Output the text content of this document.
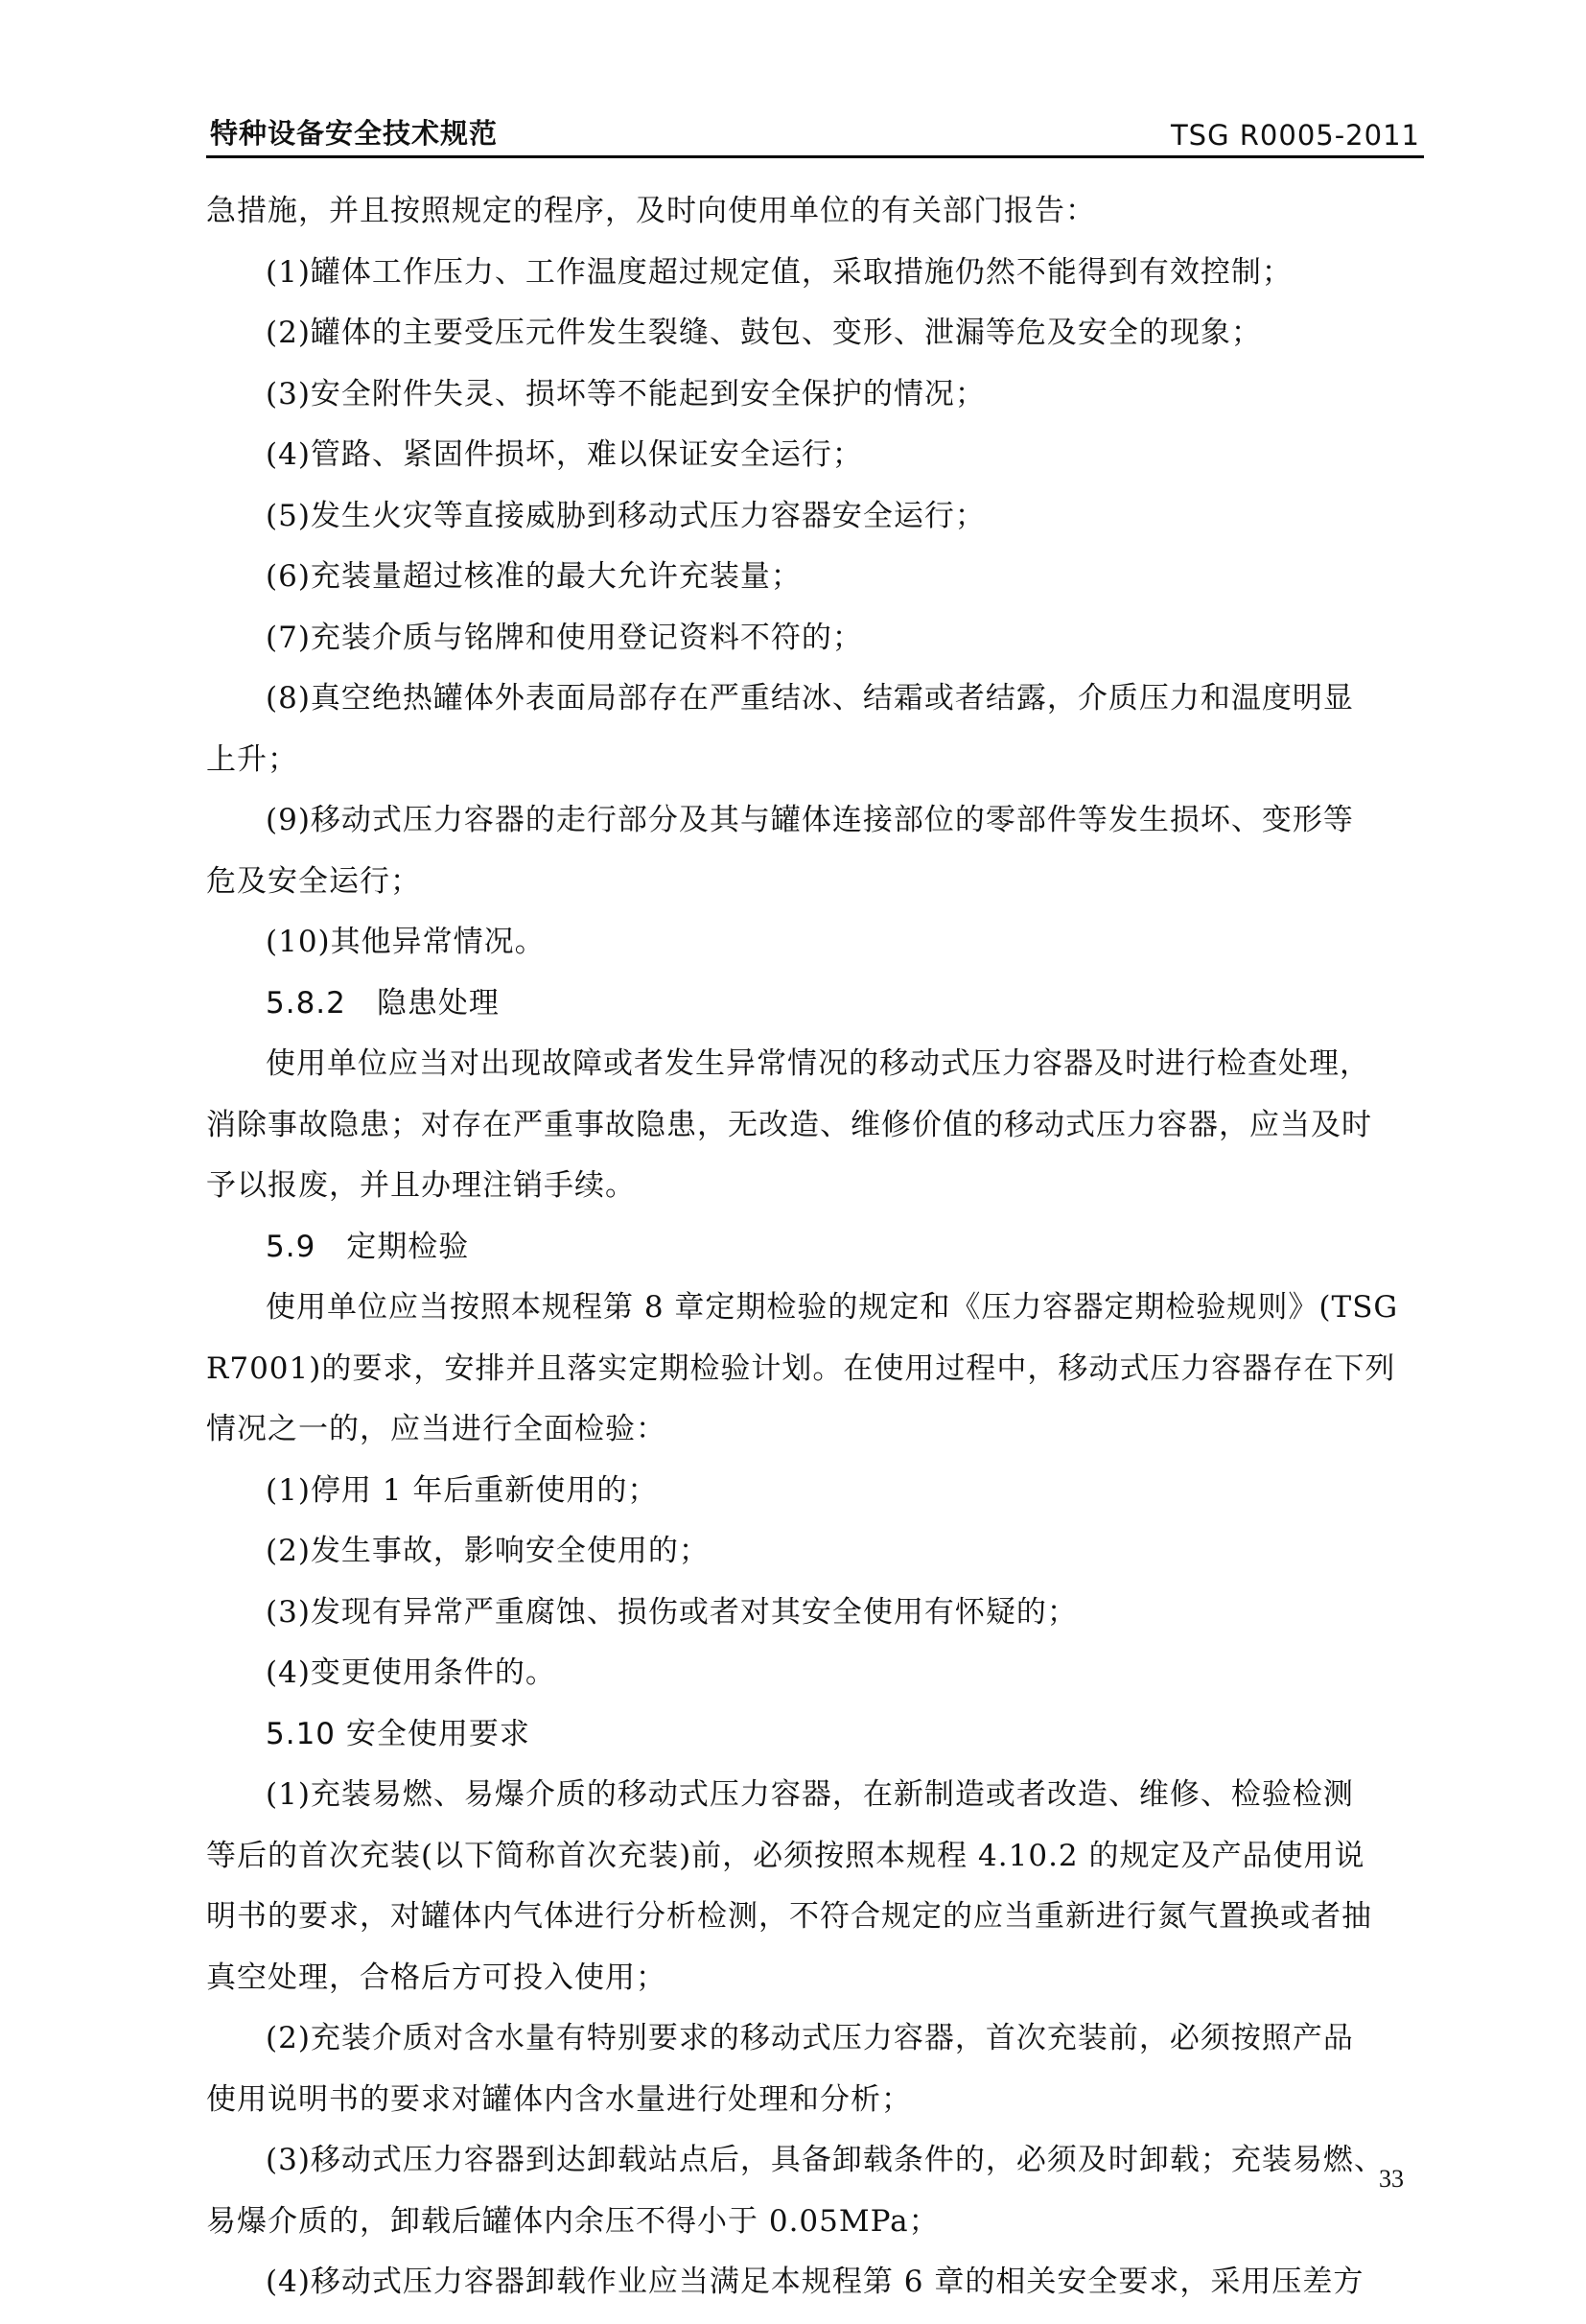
特种设备安全技术规范	TSG R0005-2011

急措施，并且按照规定的程序，及时向使用单位的有关部门报告：

(1)罐体工作压力、工作温度超过规定值，采取措施仍然不能得到有效控制；

(2)罐体的主要受压元件发生裂缝、鼓包、变形、泄漏等危及安全的现象；

(3)安全附件失灵、损坏等不能起到安全保护的情况；

(4)管路、紧固件损坏，难以保证安全运行；

(5)发生火灾等直接威胁到移动式压力容器安全运行；

(6)充装量超过核准的最大允许充装量；

(7)充装介质与铭牌和使用登记资料不符的；

(8)真空绝热罐体外表面局部存在严重结冰、结霜或者结露，介质压力和温度明显

上升；

(9)移动式压力容器的走行部分及其与罐体连接部位的零部件等发生损坏、变形等

危及安全运行；

(10)其他异常情况。

5.8.2　隐患处理

使用单位应当对出现故障或者发生异常情况的移动式压力容器及时进行检查处理，

消除事故隐患；对存在严重事故隐患，无改造、维修价值的移动式压力容器，应当及时

予以报废，并且办理注销手续。

5.9　定期检验

使用单位应当按照本规程第 8 章定期检验的规定和《压力容器定期检验规则》(TSG

R7001)的要求，安排并且落实定期检验计划。在使用过程中，移动式压力容器存在下列

情况之一的，应当进行全面检验：

(1)停用 1 年后重新使用的；

(2)发生事故，影响安全使用的；

(3)发现有异常严重腐蚀、损伤或者对其安全使用有怀疑的；

(4)变更使用条件的。

5.10 安全使用要求

(1)充装易燃、易爆介质的移动式压力容器，在新制造或者改造、维修、检验检测

等后的首次充装(以下简称首次充装)前，必须按照本规程 4.10.2 的规定及产品使用说

明书的要求，对罐体内气体进行分析检测，不符合规定的应当重新进行氮气置换或者抽

真空处理，合格后方可投入使用；

(2)充装介质对含水量有特别要求的移动式压力容器，首次充装前，必须按照产品

使用说明书的要求对罐体内含水量进行处理和分析；

(3)移动式压力容器到达卸载站点后，具备卸载条件的，必须及时卸载；充装易燃、

易爆介质的，卸载后罐体内余压不得小于 0.05MPa；

(4)移动式压力容器卸载作业应当满足本规程第 6 章的相关安全要求，采用压差方

33
